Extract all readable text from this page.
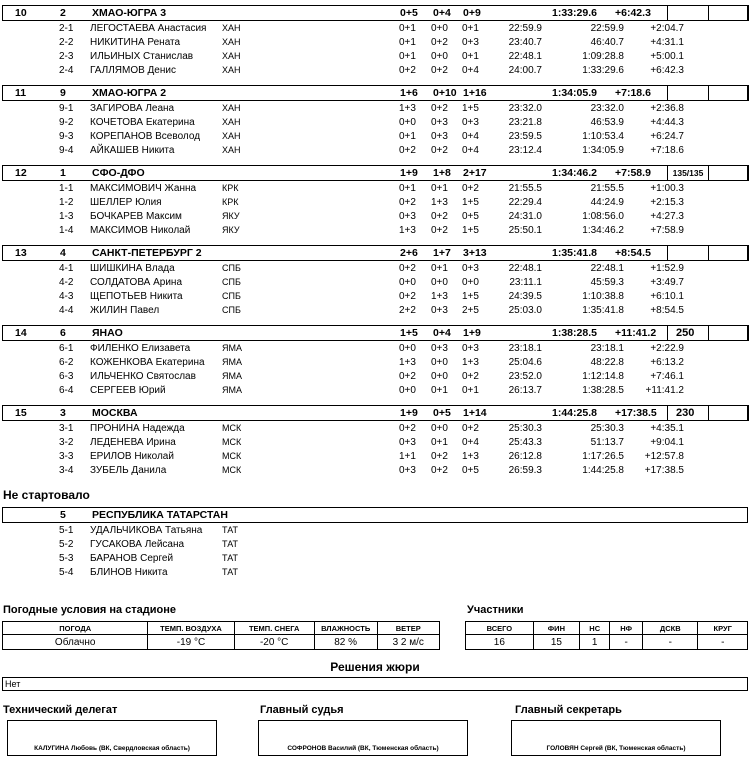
10	2 ХМАО-ЮГРА 3	0+5 0+4 0+9	1:33:29.6 +6:42.3
2-1 ЛЕГОСТАЕВА Анастасия ХАН	0+1 0+0 0+1	22:59.9	22:59.9	+2:04.7
2-2 НИКИТИНА Рената	ХАН	0+1 0+2 0+3	23:40.7	46:40.7	+4:31.1
2-3 ИЛЬИНЫХ Станислав	ХАН	0+1 0+0 0+1	22:48.1	1:09:28.8	+5:00.1
2-4 ГАЛЛЯМОВ Денис	ХАН	0+2 0+2 0+4	24:00.7	1:33:29.6	+6:42.3
11	9 ХМАО-ЮГРА 2	1+6 0+10 1+16	1:34:05.9 +7:18.6
9-1 ЗАГИРОВА Леана	ХАН	1+3 0+2 1+5	23:32.0	23:32.0	+2:36.8
9-2 КОЧЕТОВА Екатерина	ХАН	0+0 0+3 0+3	23:21.8	46:53.9	+4:44.3
9-3 КОРЕПАНОВ Всеволод ХАН	0+1 0+3 0+4	23:59.5	1:10:53.4	+6:24.7
9-4 АЙКАШЕВ Никита	ХАН	0+2 0+2 0+4	23:12.4	1:34:05.9	+7:18.6
12	1 СФО-ДФО	1+9 1+8 2+17	1:34:46.2 +7:58.9	135/135
1-1 МАКСИМОВИЧ Жанна	КРК	0+1 0+1 0+2	21:55.5	21:55.5	+1:00.3
1-2 ШЕЛЛЕР Юлия	КРК	0+2 1+3 1+5	22:29.4	44:24.9	+2:15.3
1-3 БОЧКАРЕВ Максим	ЯКУ	0+3 0+2 0+5	24:31.0	1:08:56.0	+4:27.3
1-4 МАКСИМОВ Николай	ЯКУ	1+3 0+2 1+5	25:50.1	1:34:46.2	+7:58.9
13	4 САНКТ-ПЕТЕРБУРГ 2	2+6 1+7 3+13	1:35:41.8 +8:54.5
4-1 ШИШКИНА Влада	СПБ	0+2 0+1 0+3	22:48.1	22:48.1	+1:52.9
4-2 СОЛДАТОВА Арина	СПБ	0+0 0+0 0+0	23:11.1	45:59.3	+3:49.7
4-3 ЩЕПОТЬЕВ Никита	СПБ	0+2 1+3 1+5	24:39.5	1:10:38.8	+6:10.1
4-4 ЖИЛИН Павел	СПБ	2+2 0+3 2+5	25:03.0	1:35:41.8	+8:54.5
14	6 ЯНАО	1+5 0+4 1+9	1:38:28.5 +11:41.2	250
6-1 ФИЛЕНКО Елизавета	ЯМА	0+0 0+3 0+3	23:18.1	23:18.1	+2:22.9
6-2 КОЖЕНКОВА Екатерина ЯМА	1+3 0+0 1+3	25:04.6	48:22.8	+6:13.2
6-3 ИЛЬЧЕНКО Святослав	ЯМА	0+2 0+0 0+2	23:52.0	1:12:14.8	+7:46.1
6-4 СЕРГЕЕВ Юрий	ЯМА	0+0 0+1 0+1	26:13.7	1:38:28.5 +11:41.2
15	3 МОСКВА	1+9 0+5 1+14	1:44:25.8 +17:38.5	230
3-1 ПРОНИНА Надежда	МСК	0+2 0+0 0+2	25:30.3	25:30.3	+4:35.1
3-2 ЛЕДЕНЕВА Ирина	МСК	0+3 0+1 0+4	25:43.3	51:13.7	+9:04.1
3-3 ЕРИЛОВ Николай	МСК	1+1 0+2 1+3	26:12.8	1:17:26.5 +12:57.8
3-4 ЗУБЕЛЬ Данила	МСК	0+3 0+2 0+5	26:59.3	1:44:25.8 +17:38.5
Не стартовало
5 РЕСПУБЛИКА ТАТАРСТАН
5-1 УДАЛЬЧИКОВА Татьяна ТАТ
5-2 ГУСАКОВА Лейсана	ТАТ
5-3 БАРАНОВ Сергей	ТАТ
5-4 БЛИНОВ Никита	ТАТ
Погодные условия на стадионе
ПОГОДА	ТЕМП. ВОЗДУХА	ТЕМП. СНЕГА	ВЛАЖНОСТЬ	ВЕТЕР
Облачно	-19 °C	-20 °C	82 %	3 2 м/с
Участники
ВСЕГО	ФИН	НС	НФ	ДСКВ	КРУГ
16	15	1	-	-	-
Решения жюри
Нет
Технический делегат
КАЛУГИНА Любовь (ВК, Свердловская область)
Главный судья
СОФРОНОВ Василий (ВК, Тюменская область)
Главный секретарь
ГОЛОВЯН Сергей (ВК, Тюменская область)
